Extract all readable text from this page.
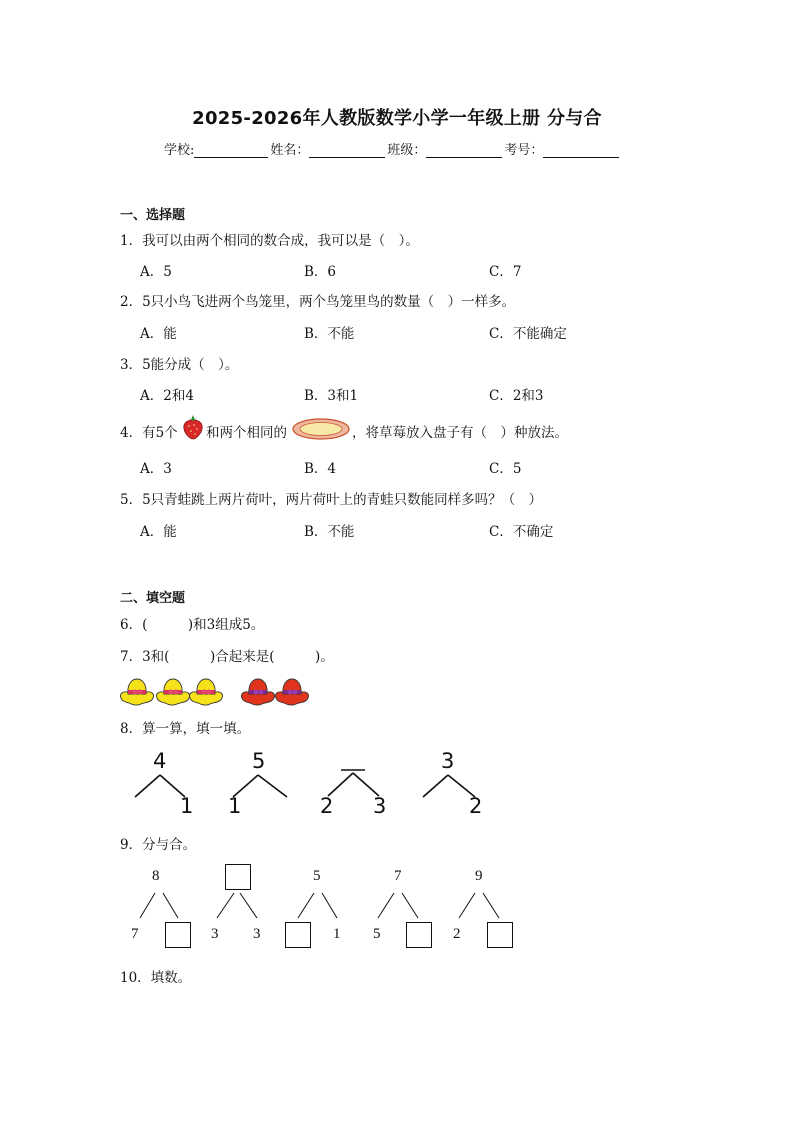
2025-2026年人教版数学小学一年级上册 分与合
学校:	姓名：	班级：	考号：
一、选择题
1．我可以由两个相同的数合成，我可以是（　）。
A．5	B．6	C．7
2．5只小鸟飞进两个鸟笼里，两个鸟笼里鸟的数量（　）一样多。
A．能	B．不能	C．不能确定
3．5能分成（　）。
A．2和4	B．3和1	C．2和3
4．有5个 和两个相同的	，将草莓放入盘子有（　）种放法。
A．3	B．4	C．5
5．5只青蛙跳上两片荷叶，两片荷叶上的青蛙只数能同样多吗？（　）
A．能	B．不能	C．不确定
二、填空题
6．(　　　)和3组成5。
7．3和(　　　)合起来是(　　　)。
8．算一算，填一填。
4
1
5
1	2 3
3
2
9．分与合。
8
7	3 3
5
1
7
5
9
2
10．填数。
